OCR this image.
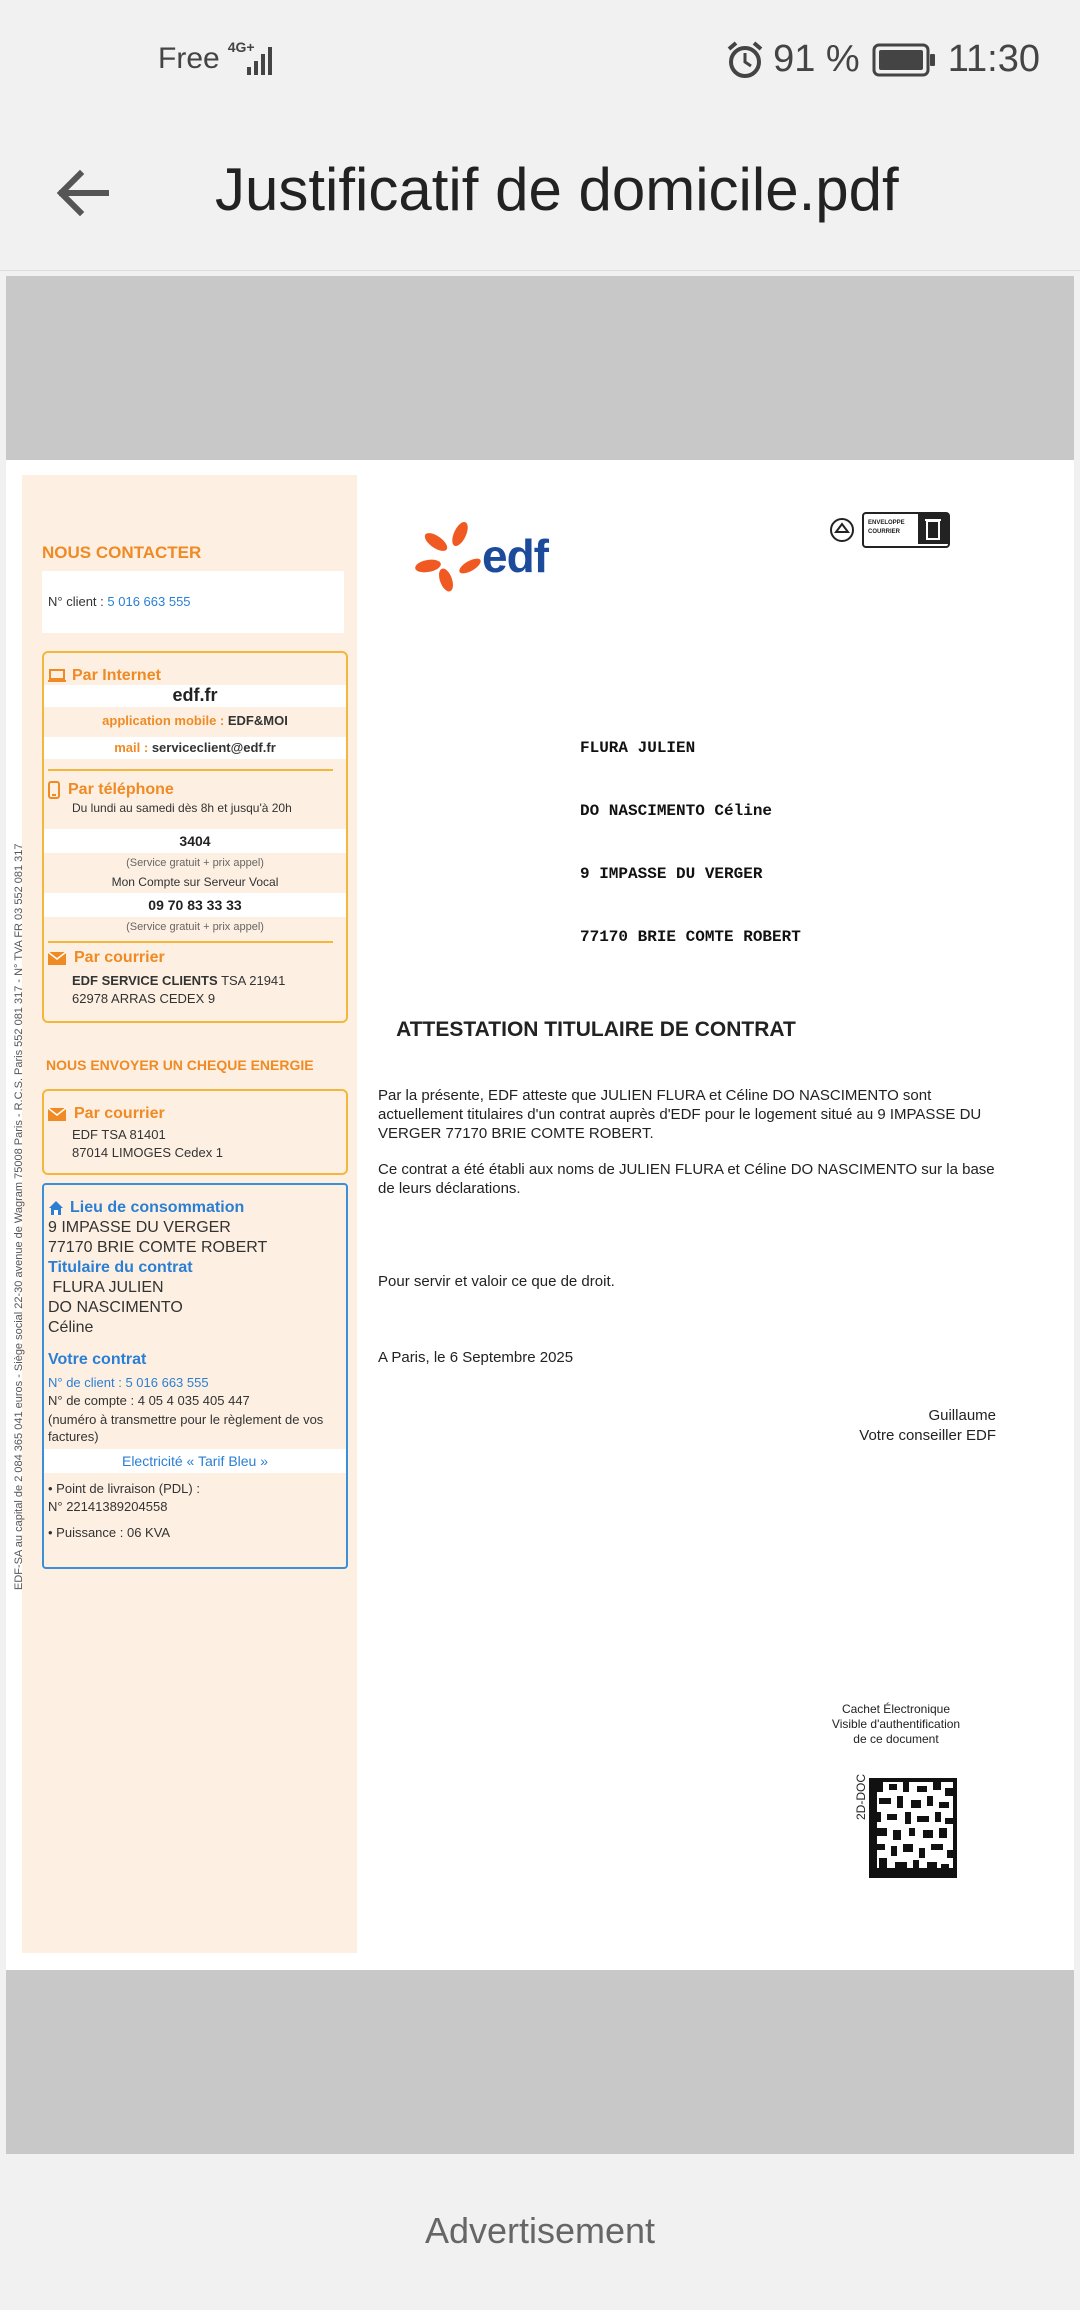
Free 4G+	91 % 11:30
Justificatif de domicile.pdf
NOUS CONTACTER
N° client : 5 016 663 555
Par Internet
edf.fr
application mobile : EDF&MOI
mail : serviceclient@edf.fr
Par téléphone
Du lundi au samedi dès 8h et jusqu'à 20h
3404
(Service gratuit + prix appel)
Mon Compte sur Serveur Vocal
09 70 83 33 33
(Service gratuit + prix appel)
Par courrier
EDF SERVICE CLIENTS TSA 21941
62978 ARRAS CEDEX 9
NOUS ENVOYER UN CHEQUE ENERGIE
Par courrier
EDF TSA 81401
87014 LIMOGES Cedex 1
Lieu de consommation
9 IMPASSE DU VERGER
77170 BRIE COMTE ROBERT
Titulaire du contrat
FLURA JULIEN
DO NASCIMENTO
Céline
Votre contrat
N° de client : 5 016 663 555
N° de compte : 4 05 4 035 405 447
(numéro à transmettre pour le règlement de vos factures)
Electricité « Tarif Bleu »
• Point de livraison (PDL) :
N° 22141389204558
• Puissance : 06 KVA
EDF-SA au capital de 2 084 365 041 euros - Siège social 22-30 avenue de Wagram 75008 Paris - R.C.S. Paris 552 081 317 - N° TVA FR 03 552 081 317
edf
ENVELOPPE
COURRIER

FLURA JULIEN

DO NASCIMENTO Céline

9 IMPASSE DU VERGER

77170 BRIE COMTE ROBERT

ATTESTATION TITULAIRE DE CONTRAT
Par la présente, EDF atteste que JULIEN FLURA et Céline DO NASCIMENTO sont actuellement titulaires d'un contrat auprès d'EDF pour le logement situé au 9 IMPASSE DU VERGER 77170 BRIE COMTE ROBERT.
Ce contrat a été établi aux noms de JULIEN FLURA et Céline DO NASCIMENTO sur la base de leurs déclarations.
Pour servir et valoir ce que de droit.
A Paris, le 6 Septembre 2025
Guillaume
Votre conseiller EDF
Cachet Électronique
Visible d'authentification
de ce document
2D-DOC
Advertisement
